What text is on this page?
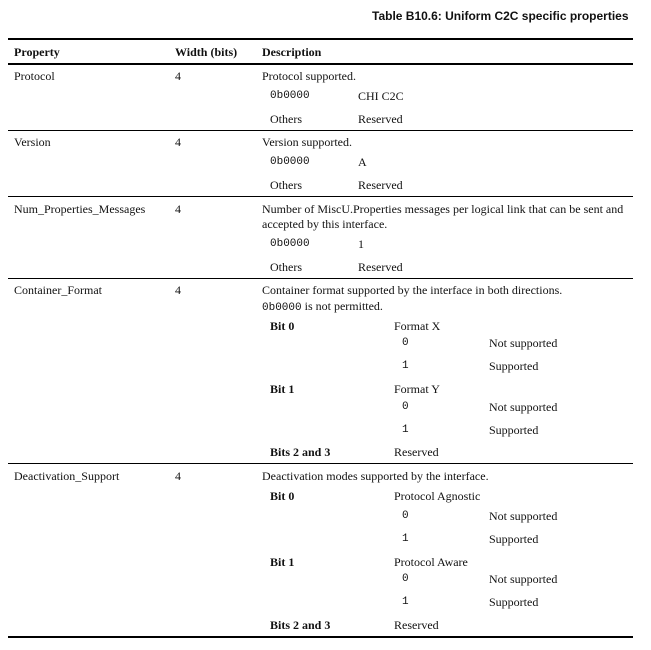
Table B10.6: Uniform C2C specific properties
Property	Width (bits) Description
Protocol	4	Protocol supported.
0b0000	CHI C2C
Others	Reserved
Version	4	Version supported.
0b0000	A
Others	Reserved
Num_Properties_Messages 4	Number of MiscU.Properties messages per logical link that can be sent and accepted by this interface.
0b0000	1
Others	Reserved
Container_Format	4	Container format supported by the interface in both directions.
0b0000 is not permitted.
Bit 0	Format X
0	Not supported
1	Supported
Bit 1	Format Y
0	Not supported
1	Supported
Bits 2 and 3	Reserved
Deactivation_Support	4	Deactivation modes supported by the interface.
Bit 0	Protocol Agnostic
0	Not supported
1	Supported
Bit 1	Protocol Aware
0	Not supported
1	Supported
Bits 2 and 3	Reserved
